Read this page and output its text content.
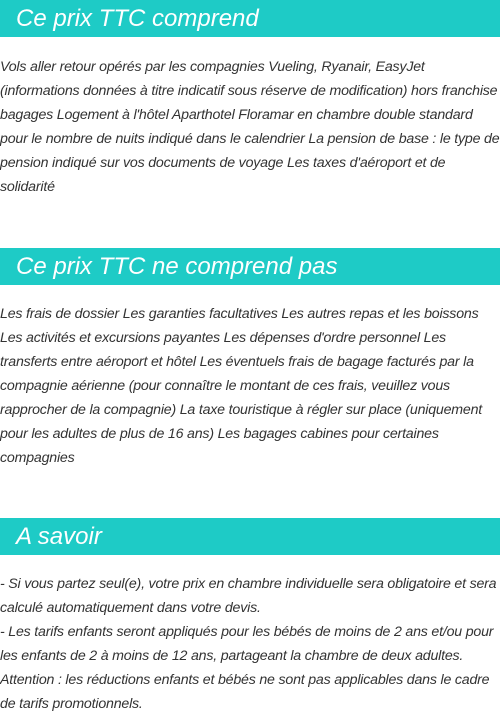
Ce prix TTC comprend

Vols aller retour opérés par les compagnies Vueling, Ryanair, EasyJet (informations données à titre indicatif sous réserve de modification) hors franchise bagages Logement à l'hôtel Aparthotel Floramar en chambre double standard pour le nombre de nuits indiqué dans le calendrier La pension de base : le type de pension indiqué sur vos documents de voyage Les taxes d'aéroport et de solidarité

Ce prix TTC ne comprend pas

Les frais de dossier Les garanties facultatives Les autres repas et les boissons Les activités et excursions payantes Les dépenses d'ordre personnel Les transferts entre aéroport et hôtel Les éventuels frais de bagage facturés par la compagnie aérienne (pour connaître le montant de ces frais, veuillez vous rapprocher de la compagnie) La taxe touristique à régler sur place (uniquement pour les adultes de plus de 16 ans) Les bagages cabines pour certaines compagnies

A savoir

- Si vous partez seul(e), votre prix en chambre individuelle sera obligatoire et sera calculé automatiquement dans votre devis.

- Les tarifs enfants seront appliqués pour les bébés de moins de 2 ans et/ou pour les enfants de 2 à moins de 12 ans, partageant la chambre de deux adultes. Attention : les réductions enfants et bébés ne sont pas applicables dans le cadre de tarifs promotionnels.
